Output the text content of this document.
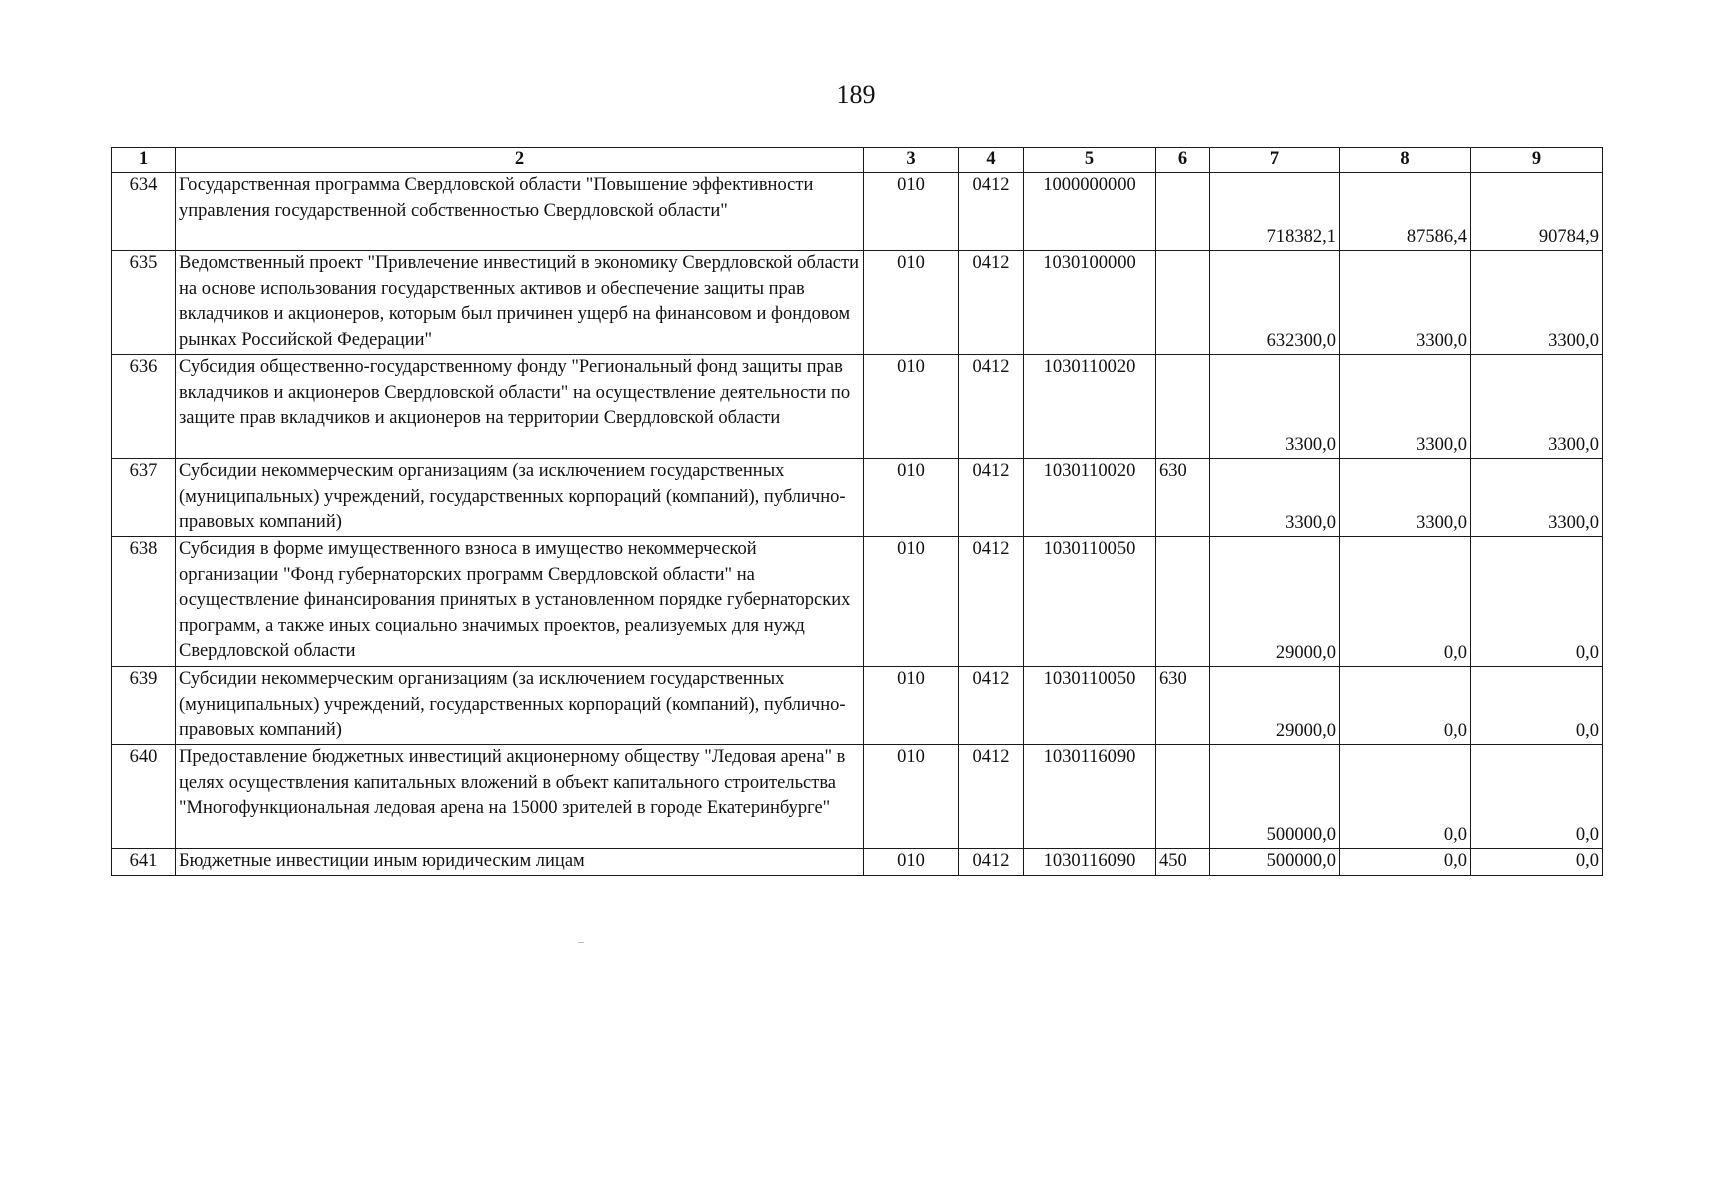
189
1	2	3	4	5	6	7	8	9
634	Государственная программа Свердловской области "Повышение эффективности управления государственной собственностью Свердловской области"	010	0412	1000000000		718382,1	87586,4	90784,9
635	Ведомственный проект "Привлечение инвестиций в экономику Свердловской области на основе использования государственных активов и обеспечение защиты прав вкладчиков и акционеров, которым был причинен ущерб на финансовом и фондовом рынках Российской Федерации"	010	0412	1030100000		632300,0	3300,0	3300,0
636	Субсидия общественно-государственному фонду "Региональный фонд защиты прав вкладчиков и акционеров Свердловской области" на осуществление деятельности по защите прав вкладчиков и акционеров на территории Свердловской области	010	0412	1030110020		3300,0	3300,0	3300,0
637	Субсидии некоммерческим организациям (за исключением государственных (муниципальных) учреждений, государственных корпораций (компаний), публично-правовых компаний)	010	0412	1030110020	630	3300,0	3300,0	3300,0
638	Субсидия в форме имущественного взноса в имущество некоммерческой организации "Фонд губернаторских программ Свердловской области" на осуществление финансирования принятых в установленном порядке губернаторских программ, а также иных социально значимых проектов, реализуемых для нужд Свердловской области	010	0412	1030110050		29000,0	0,0	0,0
639	Субсидии некоммерческим организациям (за исключением государственных (муниципальных) учреждений, государственных корпораций (компаний), публично-правовых компаний)	010	0412	1030110050	630	29000,0	0,0	0,0
640	Предоставление бюджетных инвестиций акционерному обществу "Ледовая арена" в целях осуществления капитальных вложений в объект капитального строительства "Многофункциональная ледовая арена на 15000 зрителей в городе Екатеринбурге"	010	0412	1030116090		500000,0	0,0	0,0
641	Бюджетные инвестиции иным юридическим лицам	010	0412	1030116090	450	500000,0	0,0	0,0
